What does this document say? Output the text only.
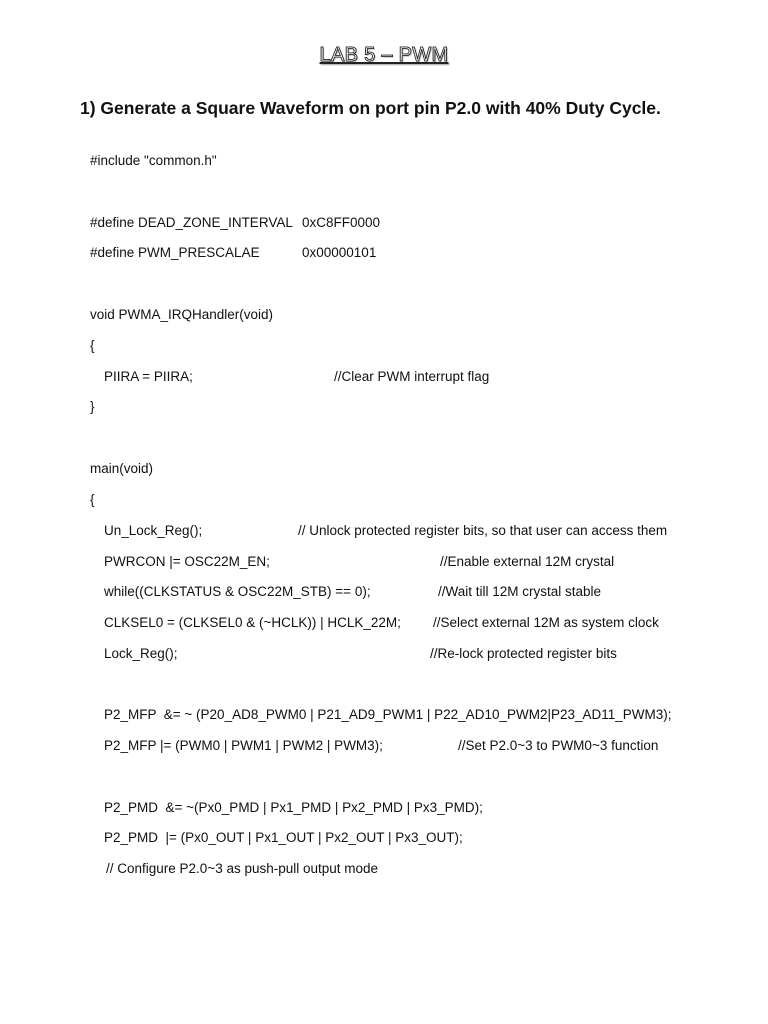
LAB 5 – PWM
1) Generate a Square Waveform on port pin P2.0 with 40% Duty Cycle.
#include "common.h"
#define DEAD_ZONE_INTERVAL 0xC8FF0000
#define PWM_PRESCALAE	0x00000101
void PWMA_IRQHandler(void)
{
PIIRA = PIIRA;	//Clear PWM interrupt flag
}
main(void)
{
Un_Lock_Reg();	// Unlock protected register bits, so that user can access them
PWRCON |= OSC22M_EN;	//Enable external 12M crystal
while((CLKSTATUS & OSC22M_STB) == 0);	//Wait till 12M crystal stable
CLKSEL0 = (CLKSEL0 & (~HCLK)) | HCLK_22M; //Select external 12M as system clock
Lock_Reg();	//Re-lock protected register bits
P2_MFP  &= ~ (P20_AD8_PWM0 | P21_AD9_PWM1 | P22_AD10_PWM2|P23_AD11_PWM3);
P2_MFP |= (PWM0 | PWM1 | PWM2 | PWM3);	//Set P2.0~3 to PWM0~3 function
P2_PMD  &= ~(Px0_PMD | Px1_PMD | Px2_PMD | Px3_PMD);
P2_PMD  |= (Px0_OUT | Px1_OUT | Px2_OUT | Px3_OUT);
// Configure P2.0~3 as push-pull output mode
